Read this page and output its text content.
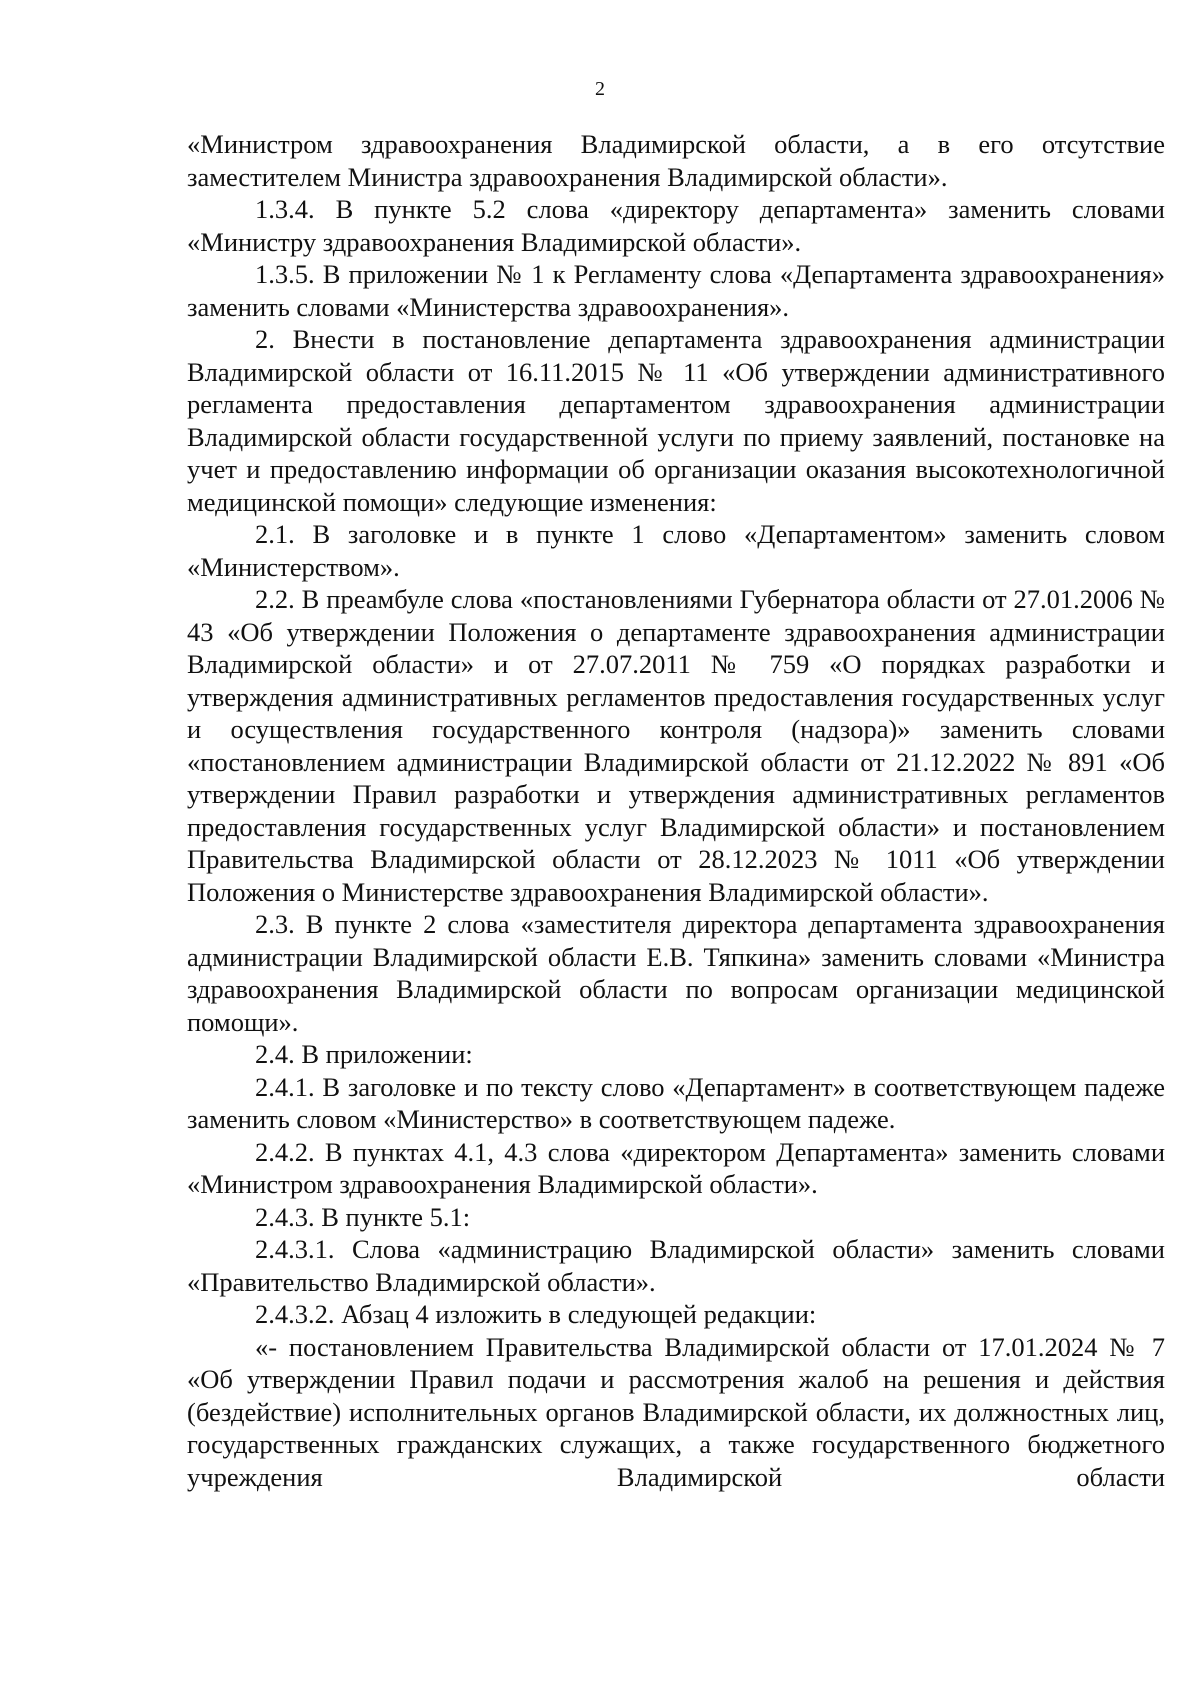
2

«Министром здравоохранения Владимирской области, а в его отсутствие заместителем Министра здравоохранения Владимирской области».

1.3.4. В пункте 5.2 слова «директору департамента» заменить словами «Министру здравоохранения Владимирской области».

1.3.5. В приложении № 1 к Регламенту слова «Департамента здравоохранения» заменить словами «Министерства здравоохранения».

2. Внести в постановление департамента здравоохранения администрации Владимирской области от 16.11.2015 № 11 «Об утверждении административного регламента предоставления департаментом здравоохранения администрации Владимирской области государственной услуги по приему заявлений, постановке на учет и предоставлению информации об организации оказания высокотехнологичной медицинской помощи» следующие изменения:

2.1. В заголовке и в пункте 1 слово «Департаментом» заменить словом «Министерством».

2.2. В преамбуле слова «постановлениями Губернатора области от 27.01.2006 № 43 «Об утверждении Положения о департаменте здравоохранения администрации Владимирской области» и от 27.07.2011 № 759 «О порядках разработки и утверждения административных регламентов предоставления государственных услуг и осуществления государственного контроля (надзора)» заменить словами «постановлением администрации Владимирской области от 21.12.2022 № 891 «Об утверждении Правил разработки и утверждения административных регламентов предоставления государственных услуг Владимирской области» и постановлением Правительства Владимирской области от 28.12.2023 № 1011 «Об утверждении Положения о Министерстве здравоохранения Владимирской области».

2.3. В пункте 2 слова «заместителя директора департамента здравоохранения администрации Владимирской области Е.В. Тяпкина» заменить словами «Министра здравоохранения Владимирской области по вопросам организации медицинской помощи».

2.4. В приложении:

2.4.1. В заголовке и по тексту слово «Департамент» в соответствующем падеже заменить словом «Министерство» в соответствующем падеже.

2.4.2. В пунктах 4.1, 4.3 слова «директором Департамента» заменить словами «Министром здравоохранения Владимирской области».

2.4.3. В пункте 5.1:

2.4.3.1. Слова «администрацию Владимирской области» заменить словами «Правительство Владимирской области».

2.4.3.2. Абзац 4 изложить в следующей редакции:

«- постановлением Правительства Владимирской области от 17.01.2024 № 7 «Об утверждении Правил подачи и рассмотрения жалоб на решения и действия (бездействие) исполнительных органов Владимирской области, их должностных лиц, государственных гражданских служащих, а также государственного бюджетного учреждения Владимирской области
